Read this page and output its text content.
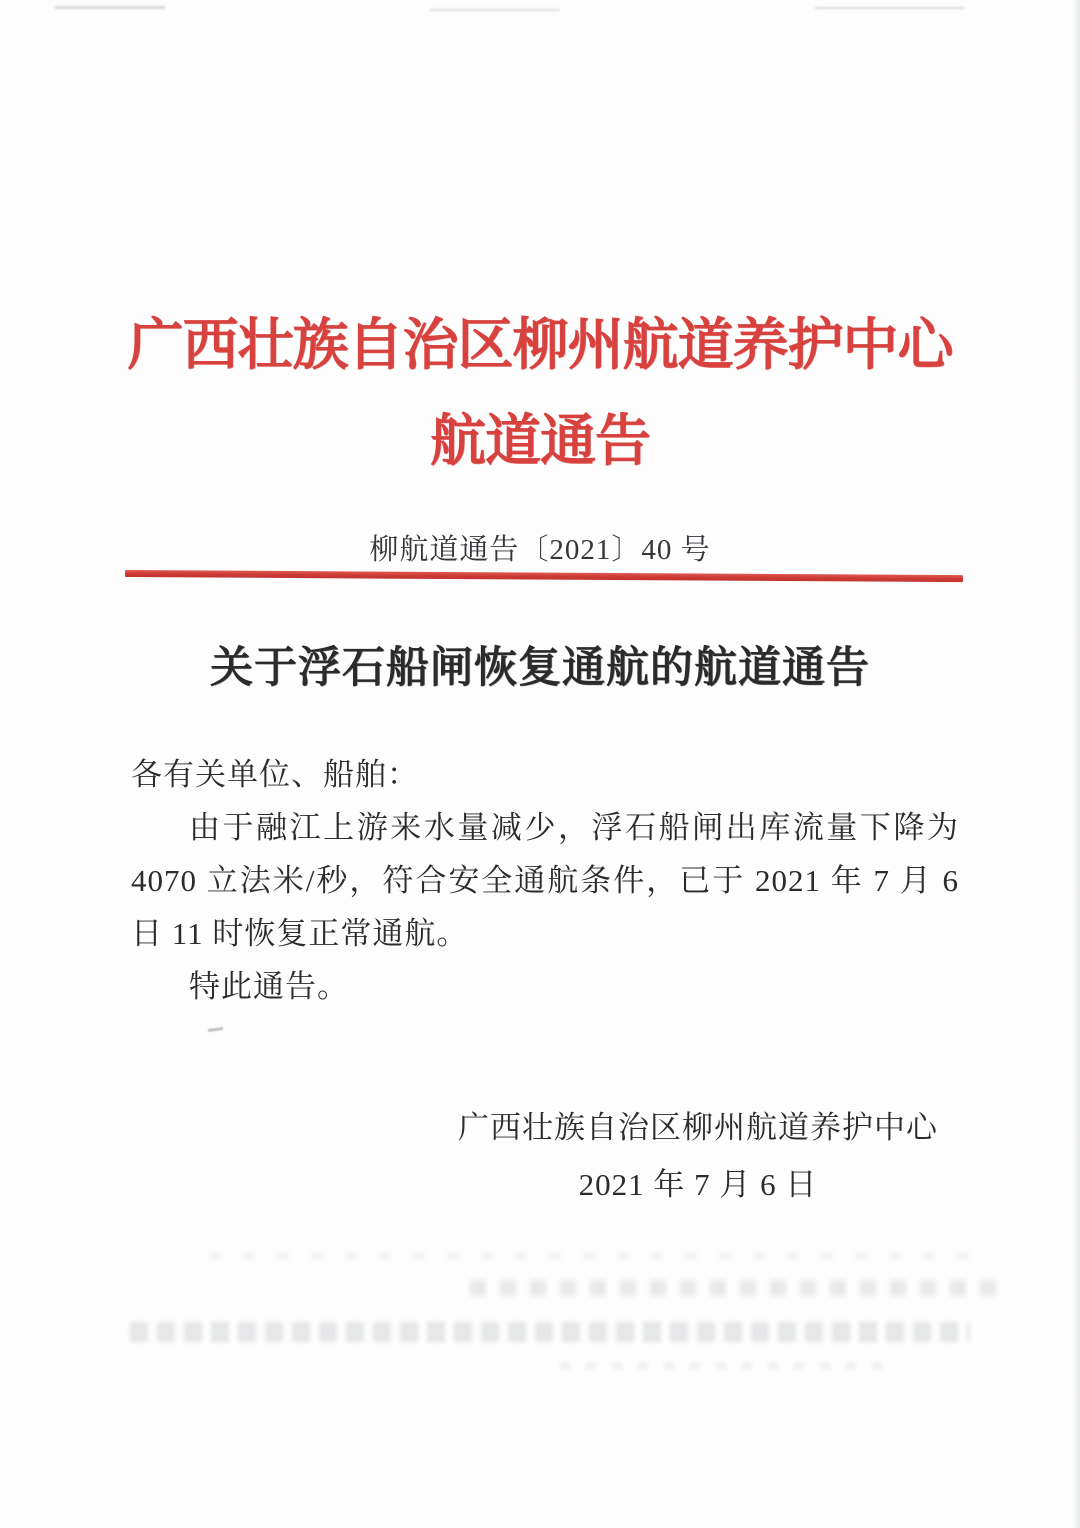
广西壮族自治区柳州航道养护中心
航道通告
柳航道通告〔2021〕40 号
关于浮石船闸恢复通航的航道通告

各有关单位、船舶：

由于融江上游来水量减少，浮石船闸出库流量下降为 4070 立法米/秒，符合安全通航条件，已于 2021 年 7 月 6 日 11 时恢复正常通航。

特此通告。

广西壮族自治区柳州航道养护中心
2021 年 7 月 6 日
